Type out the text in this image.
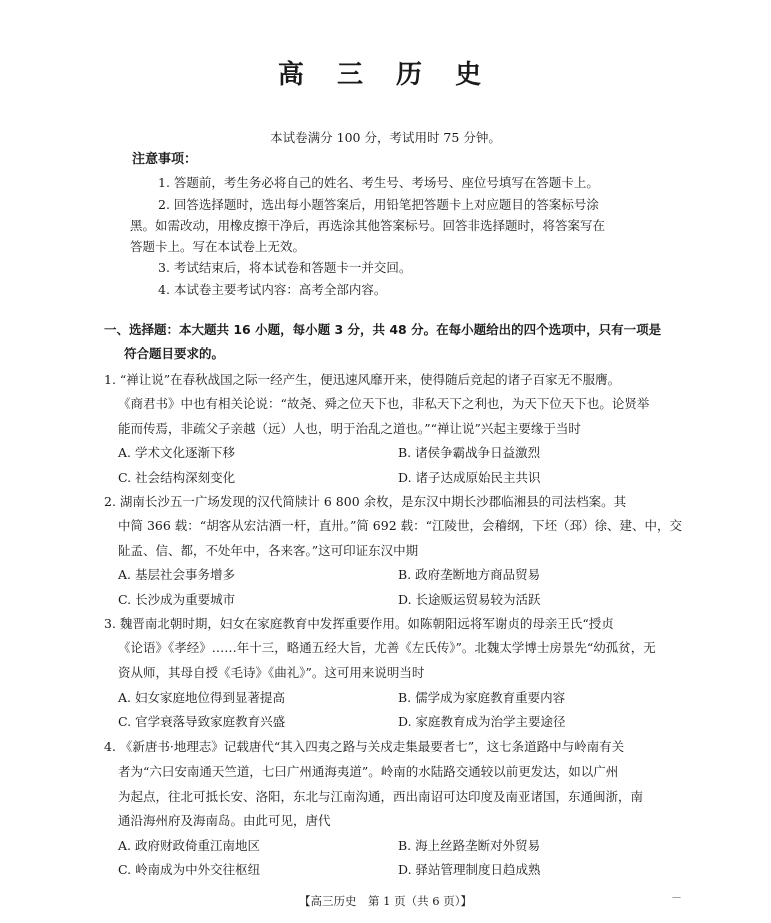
高 三 历 史
本试卷满分 100 分，考试用时 75 分钟。
注意事项：
1. 答题前，考生务必将自己的姓名、考生号、考场号、座位号填写在答题卡上。
2. 回答选择题时，选出每小题答案后，用铅笔把答题卡上对应题目的答案标号涂
黑。如需改动，用橡皮擦干净后，再选涂其他答案标号。回答非选择题时，将答案写在
答题卡上。写在本试卷上无效。
3. 考试结束后，将本试卷和答题卡一并交回。
4. 本试卷主要考试内容：高考全部内容。
一、选择题：本大题共 16 小题，每小题 3 分，共 48 分。在每小题给出的四个选项中，只有一项是
符合题目要求的。
1. “禅让说”在春秋战国之际一经产生，便迅速风靡开来，使得随后竞起的诸子百家无不服膺。
《商君书》中也有相关论说：“故尧、舜之位天下也，非私天下之利也，为天下位天下也。论贤举
能而传焉，非疏父子亲越（远）人也，明于治乱之道也。”“禅让说”兴起主要缘于当时
A. 学术文化逐渐下移	B. 诸侯争霸战争日益激烈
C. 社会结构深刻变化	D. 诸子达成原始民主共识
2. 湖南长沙五一广场发现的汉代简牍计 6 800 余枚，是东汉中期长沙郡临湘县的司法档案。其
中简 366 载：“胡客从宏沽酒一杆，直卅。”简 692 载：“江陵世，会稽纲，下坯（邳）徐、建、中，交
阯孟、信、都，不处年中，各来客。”这可印证东汉中期
A. 基层社会事务增多	B. 政府垄断地方商品贸易
C. 长沙成为重要城市	D. 长途贩运贸易较为活跃
3. 魏晋南北朝时期，妇女在家庭教育中发挥重要作用。如陈朝阳远将军谢贞的母亲王氏“授贞
《论语》《孝经》……年十三，略通五经大旨，尤善《左氏传》”。北魏太学博士房景先“幼孤贫，无
资从师，其母自授《毛诗》《曲礼》”。这可用来说明当时
A. 妇女家庭地位得到显著提高	B. 儒学成为家庭教育重要内容
C. 官学衰落导致家庭教育兴盛	D. 家庭教育成为治学主要途径
4. 《新唐书·地理志》记载唐代“其入四夷之路与关戍走集最要者七”，这七条道路中与岭南有关
者为“六曰安南通天竺道，七曰广州通海夷道”。岭南的水陆路交通较以前更发达，如以广州
为起点，往北可抵长安、洛阳，东北与江南沟通，西出南诏可达印度及南亚诸国，东通闽浙，南
通沿海州府及海南岛。由此可见，唐代
A. 政府财政倚重江南地区	B. 海上丝路垄断对外贸易
C. 岭南成为中外交往枢纽	D. 驿站管理制度日趋成熟
【高三历史　第 1 页（共 6 页）】	—
